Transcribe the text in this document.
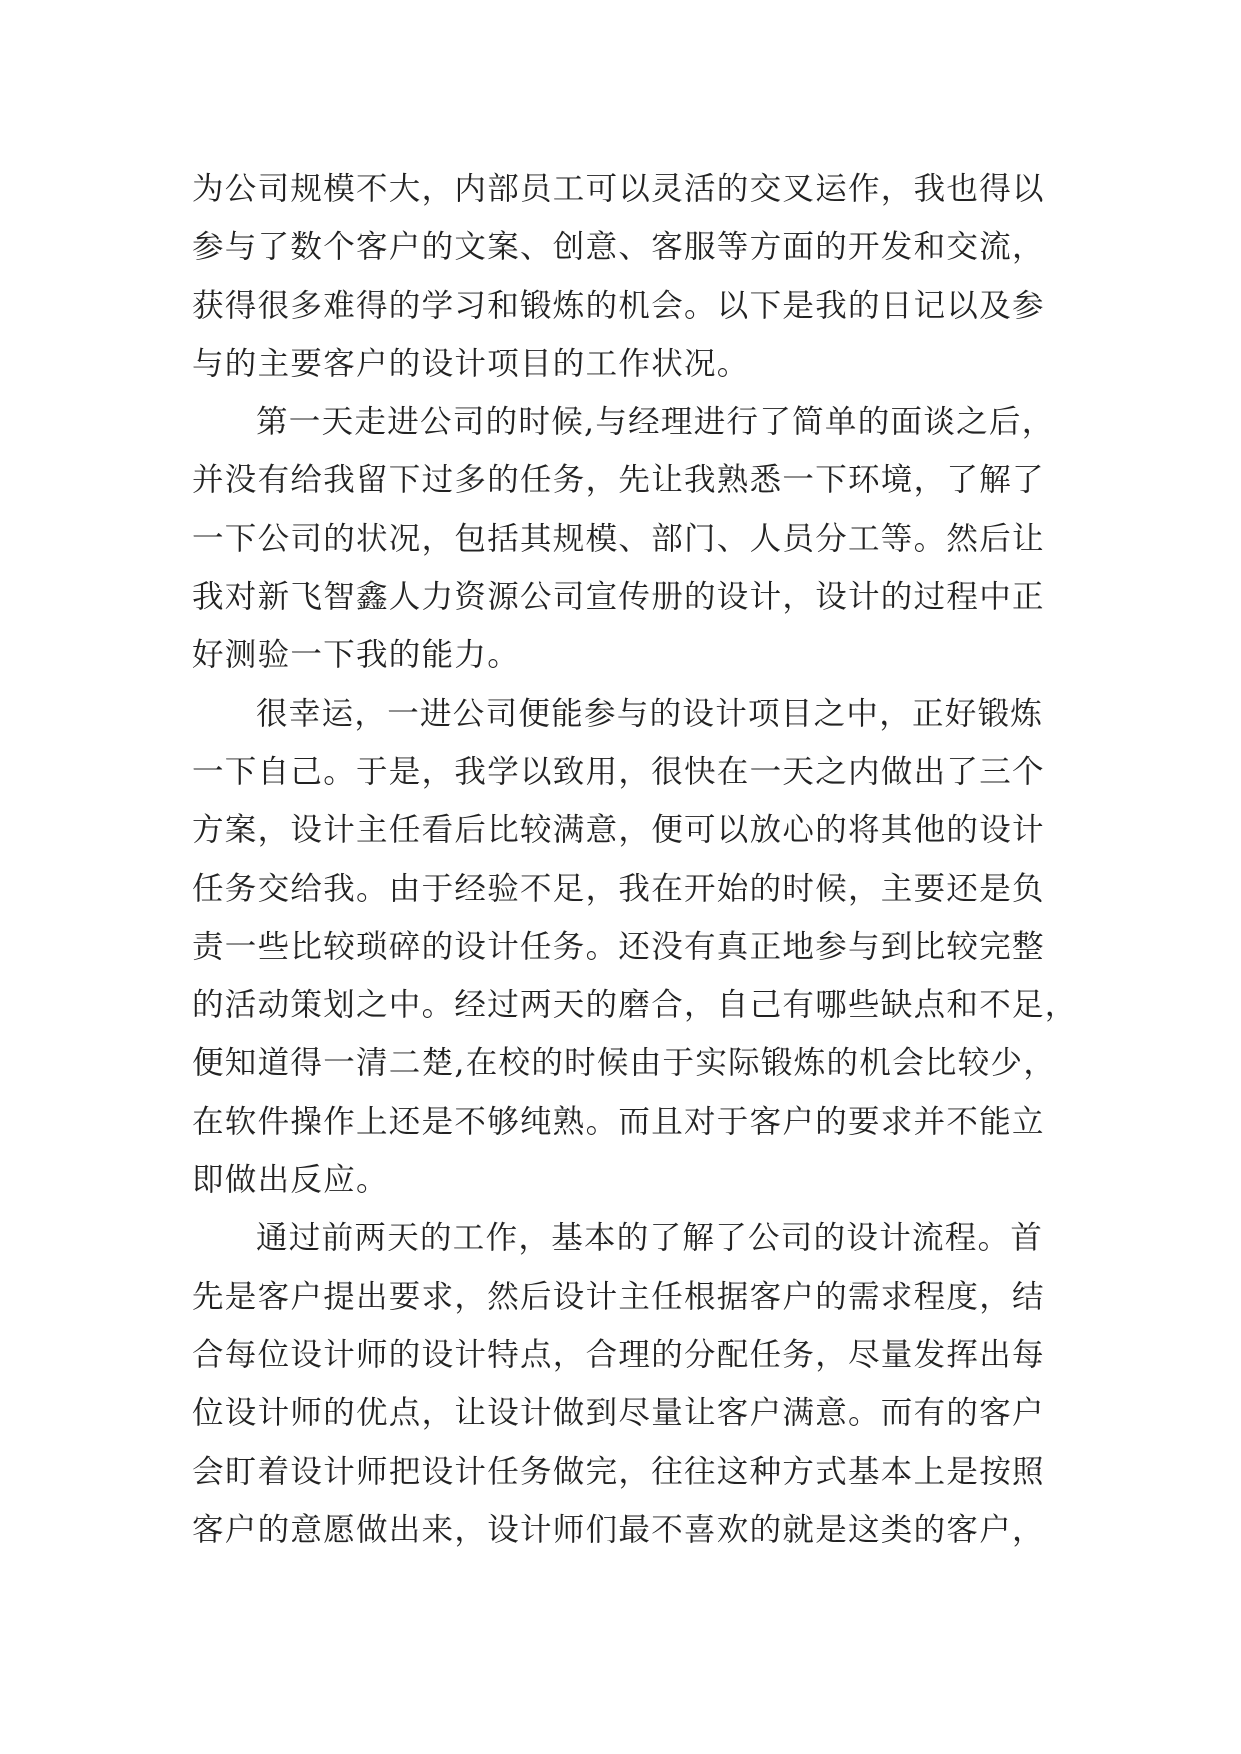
为公司规模不大，内部员工可以灵活的交叉运作，我也得以
参与了数个客户的文案、创意、客服等方面的开发和交流，
获得很多难得的学习和锻炼的机会。以下是我的日记以及参
与的主要客户的设计项目的工作状况。
第一天走进公司的时候,与经理进行了简单的面谈之后，
并没有给我留下过多的任务，先让我熟悉一下环境，了解了
一下公司的状况，包括其规模、部门、人员分工等。然后让
我对新飞智鑫人力资源公司宣传册的设计，设计的过程中正
好测验一下我的能力。
很幸运，一进公司便能参与的设计项目之中，正好锻炼
一下自己。于是，我学以致用，很快在一天之内做出了三个
方案，设计主任看后比较满意，便可以放心的将其他的设计
任务交给我。由于经验不足，我在开始的时候，主要还是负
责一些比较琐碎的设计任务。还没有真正地参与到比较完整
的活动策划之中。经过两天的磨合，自己有哪些缺点和不足，
便知道得一清二楚,在校的时候由于实际锻炼的机会比较少，
在软件操作上还是不够纯熟。而且对于客户的要求并不能立
即做出反应。
通过前两天的工作，基本的了解了公司的设计流程。首
先是客户提出要求，然后设计主任根据客户的需求程度，结
合每位设计师的设计特点，合理的分配任务，尽量发挥出每
位设计师的优点，让设计做到尽量让客户满意。而有的客户
会盯着设计师把设计任务做完，往往这种方式基本上是按照
客户的意愿做出来，设计师们最不喜欢的就是这类的客户，
